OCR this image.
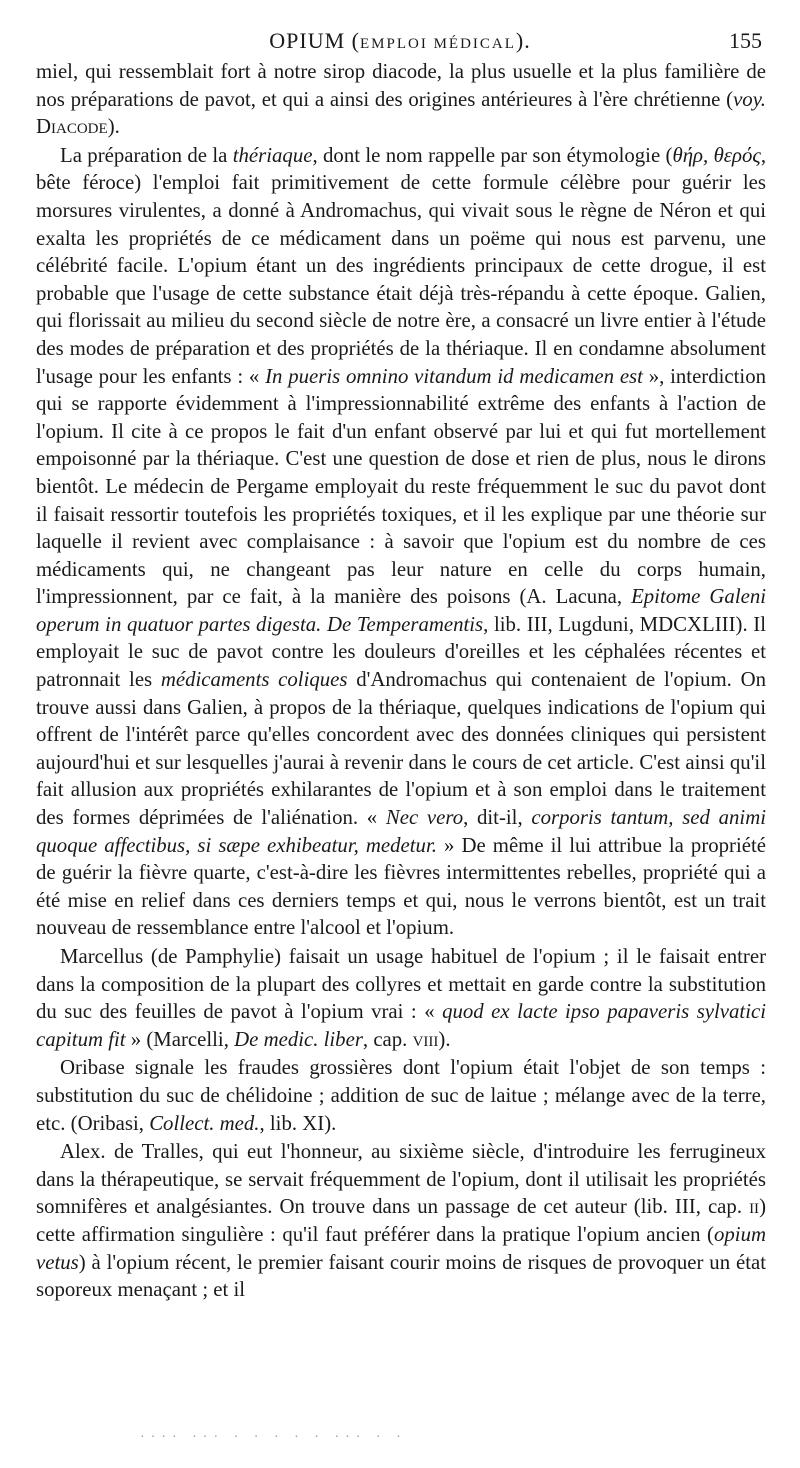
OPIUM (EMPLOI MÉDICAL).	155

miel, qui ressemblait fort à notre sirop diacode, la plus usuelle et la plus familière de nos préparations de pavot, et qui a ainsi des origines antérieures à l'ère chrétienne (voy. Diacode).

La préparation de la thériaque, dont le nom rappelle par son étymologie (θήρ, θερός, bête féroce) l'emploi fait primitivement de cette formule célèbre pour guérir les morsures virulentes, a donné à Andromachus, qui vivait sous le règne de Néron et qui exalta les propriétés de ce médicament dans un poëme qui nous est parvenu, une célébrité facile. L'opium étant un des ingrédients principaux de cette drogue, il est probable que l'usage de cette substance était déjà très-répandu à cette époque. Galien, qui florissait au milieu du second siècle de notre ère, a consacré un livre entier à l'étude des modes de préparation et des propriétés de la thériaque. Il en condamne absolument l'usage pour les enfants : « In pueris omnino vitandum id medicamen est », interdiction qui se rapporte évidemment à l'impressionnabilité extrême des enfants à l'action de l'opium. Il cite à ce propos le fait d'un enfant observé par lui et qui fut mortellement empoisonné par la thériaque. C'est une question de dose et rien de plus, nous le dirons bientôt. Le médecin de Pergame employait du reste fréquemment le suc du pavot dont il faisait ressortir toutefois les propriétés toxiques, et il les explique par une théorie sur laquelle il revient avec complaisance : à savoir que l'opium est du nombre de ces médicaments qui, ne changeant pas leur nature en celle du corps humain, l'impressionnent, par ce fait, à la manière des poisons (A. Lacuna, Epitome Galeni operum in quatuor partes digesta. De Temperamentis, lib. III, Lugduni, MDCXLIII). Il employait le suc de pavot contre les douleurs d'oreilles et les céphalées récentes et patronnait les médicaments coliques d'Andromachus qui contenaient de l'opium. On trouve aussi dans Galien, à propos de la thériaque, quelques indications de l'opium qui offrent de l'intérêt parce qu'elles concordent avec des données cliniques qui persistent aujourd'hui et sur lesquelles j'aurai à revenir dans le cours de cet article. C'est ainsi qu'il fait allusion aux propriétés exhilarantes de l'opium et à son emploi dans le traitement des formes déprimées de l'aliénation. « Nec vero, dit-il, corporis tantum, sed animi quoque affectibus, si sæpe exhibeatur, medetur. » De même il lui attribue la propriété de guérir la fièvre quarte, c'est-à-dire les fièvres intermittentes rebelles, propriété qui a été mise en relief dans ces derniers temps et qui, nous le verrons bientôt, est un trait nouveau de ressemblance entre l'alcool et l'opium.

Marcellus (de Pamphylie) faisait un usage habituel de l'opium ; il le faisait entrer dans la composition de la plupart des collyres et mettait en garde contre la substitution du suc des feuilles de pavot à l'opium vrai : « quod ex lacte ipso papaveris sylvatici capitum fit » (Marcelli, De medic. liber, cap. viii).

Oribase signale les fraudes grossières dont l'opium était l'objet de son temps : substitution du suc de chélidoine ; addition de suc de laitue ; mélange avec de la terre, etc. (Oribasi, Collect. med., lib. XI).

Alex. de Tralles, qui eut l'honneur, au sixième siècle, d'introduire les ferrugineux dans la thérapeutique, se servait fréquemment de l'opium, dont il utilisait les propriétés somnifères et analgésiantes. On trouve dans un passage de cet auteur (lib. III, cap. ii) cette affirmation singulière : qu'il faut préférer dans la pratique l'opium ancien (opium vetus) à l'opium récent, le premier faisant courir moins de risques de provoquer un état soporeux menaçant ; et il

···· ··· · · · · · ··· · ·
